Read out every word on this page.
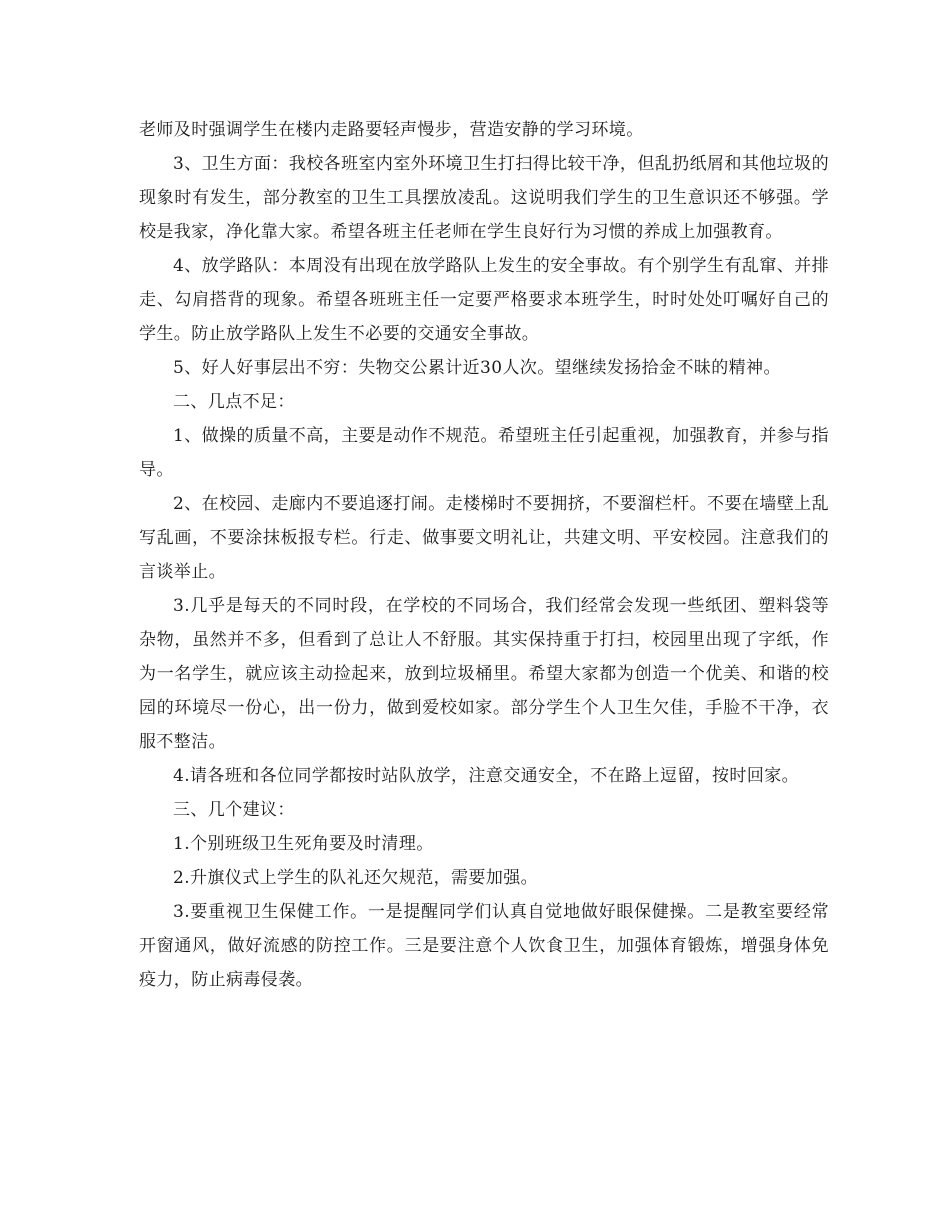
老师及时强调学生在楼内走路要轻声慢步，营造安静的学习环境。

3、卫生方面：我校各班室内室外环境卫生打扫得比较干净，但乱扔纸屑和其他垃圾的现象时有发生，部分教室的卫生工具摆放凌乱。这说明我们学生的卫生意识还不够强。学校是我家，净化靠大家。希望各班主任老师在学生良好行为习惯的养成上加强教育。

4、放学路队：本周没有出现在放学路队上发生的安全事故。有个别学生有乱窜、并排走、勾肩搭背的现象。希望各班班主任一定要严格要求本班学生，时时处处叮嘱好自己的学生。防止放学路队上发生不必要的交通安全事故。

5、好人好事层出不穷：失物交公累计近30人次。望继续发扬拾金不昧的精神。

二、几点不足：

1、做操的质量不高，主要是动作不规范。希望班主任引起重视，加强教育，并参与指导。

2、在校园、走廊内不要追逐打闹。走楼梯时不要拥挤，不要溜栏杆。不要在墙壁上乱写乱画，不要涂抹板报专栏。行走、做事要文明礼让，共建文明、平安校园。注意我们的言谈举止。

3.几乎是每天的不同时段，在学校的不同场合，我们经常会发现一些纸团、塑料袋等杂物，虽然并不多，但看到了总让人不舒服。其实保持重于打扫，校园里出现了字纸，作为一名学生，就应该主动捡起来，放到垃圾桶里。希望大家都为创造一个优美、和谐的校园的环境尽一份心，出一份力，做到爱校如家。部分学生个人卫生欠佳，手脸不干净，衣服不整洁。

4.请各班和各位同学都按时站队放学，注意交通安全，不在路上逗留，按时回家。

三、几个建议：

1.个别班级卫生死角要及时清理。

2.升旗仪式上学生的队礼还欠规范，需要加强。

3.要重视卫生保健工作。一是提醒同学们认真自觉地做好眼保健操。二是教室要经常开窗通风，做好流感的防控工作。三是要注意个人饮食卫生，加强体育锻炼，增强身体免疫力，防止病毒侵袭。
